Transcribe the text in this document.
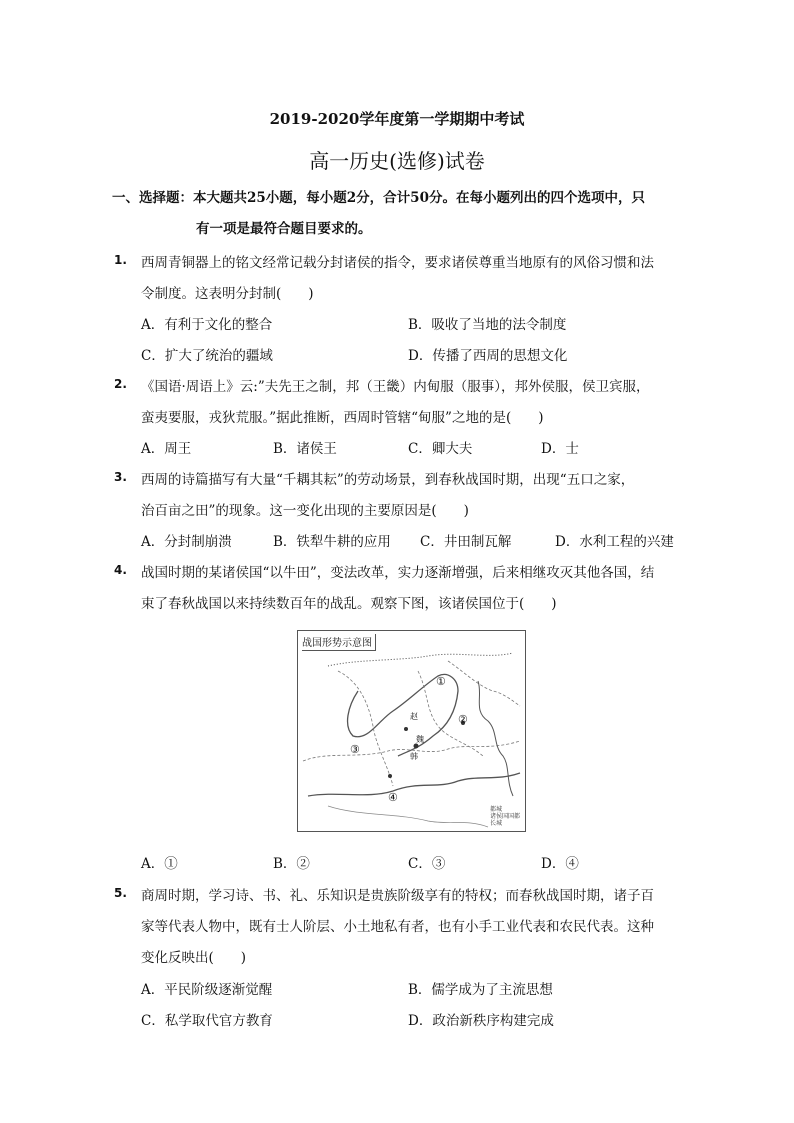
2019-2020学年度第一学期期中考试
高一历史(选修)试卷
一、选择题：本大题共25小题，每小题2分，合计50分。在每小题列出的四个选项中，只
有一项是最符合题目要求的。
1. 西周青铜器上的铭文经常记载分封诸侯的指令，要求诸侯尊重当地原有的风俗习惯和法
令制度。这表明分封制(　　)
A．有利于文化的整合	B．吸收了当地的法令制度
C．扩大了统治的疆域	D．传播了西周的思想文化
2. 《国语·周语上》云:”夫先王之制，邦（王畿）内甸服（服事），邦外侯服，侯卫宾服，
蛮夷要服，戎狄荒服。”据此推断，西周时管辖“甸服”之地的是(　　)
A．周王	B．诸侯王	C．卿大夫	D．士
3. 西周的诗篇描写有大量“千耦其耘”的劳动场景，到春秋战国时期，出现“五口之家，
治百亩之田”的现象。这一变化出现的主要原因是(　　)
A．分封制崩溃	B．铁犁牛耕的应用 C．井田制瓦解	D．水利工程的兴建
4. 战国时期的某诸侯国“以牛田”，变法改革，实力逐渐增强，后来相继攻灭其他各国，结
束了春秋战国以来持续数百年的战乱。观察下图，该诸侯国位于(　　)
战国形势示意图
①
②
③
④
赵
魏
韩
都城
诸侯国国都
长城
A．①	B．②	C．③	D．④
5. 商周时期，学习诗、书、礼、乐知识是贵族阶级享有的特权；而春秋战国时期，诸子百
家等代表人物中，既有士人阶层、小土地私有者，也有小手工业代表和农民代表。这种
变化反映出(　　)
A．平民阶级逐渐觉醒	B．儒学成为了主流思想
C．私学取代官方教育	D．政治新秩序构建完成
